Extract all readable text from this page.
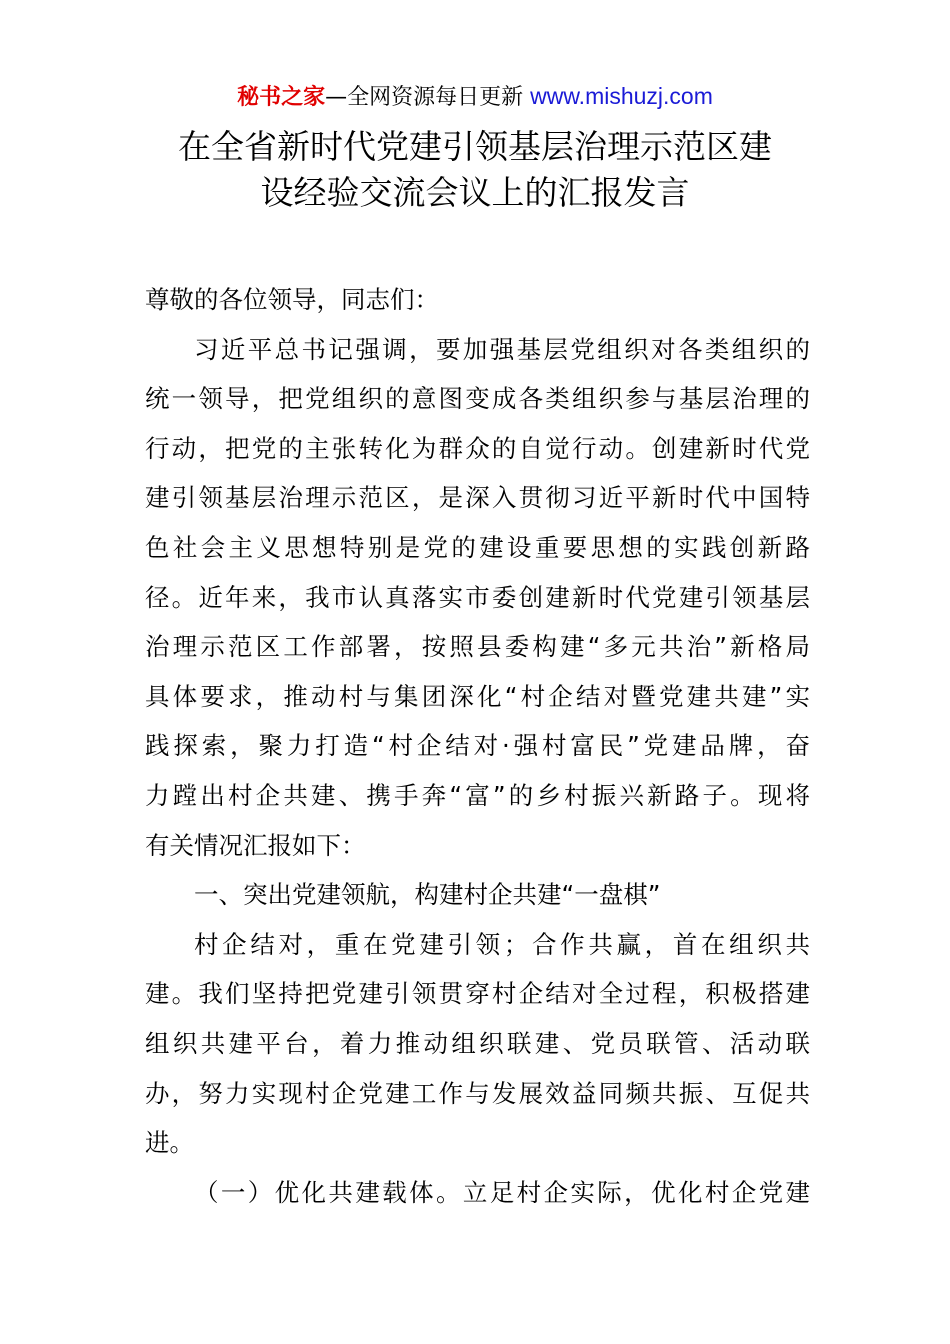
秘书之家—全网资源每日更新 www.mishuzj.com
在全省新时代党建引领基层治理示范区建
设经验交流会议上的汇报发言
尊敬的各位领导，同志们：
习近平总书记强调，要加强基层党组织对各类组织的
统一领导，把党组织的意图变成各类组织参与基层治理的
行动，把党的主张转化为群众的自觉行动。创建新时代党
建引领基层治理示范区，是深入贯彻习近平新时代中国特
色社会主义思想特别是党的建设重要思想的实践创新路
径。近年来，我市认真落实市委创建新时代党建引领基层
治理示范区工作部署，按照县委构建“多元共治”新格局
具体要求，推动村与集团深化“村企结对暨党建共建”实
践探索，聚力打造“村企结对·强村富民”党建品牌，奋
力蹚出村企共建、携手奔“富”的乡村振兴新路子。现将
有关情况汇报如下：
一、突出党建领航，构建村企共建“一盘棋”
村企结对，重在党建引领；合作共赢，首在组织共
建。我们坚持把党建引领贯穿村企结对全过程，积极搭建
组织共建平台，着力推动组织联建、党员联管、活动联
办，努力实现村企党建工作与发展效益同频共振、互促共
进。
（一）优化共建载体。立足村企实际，优化村企党建
